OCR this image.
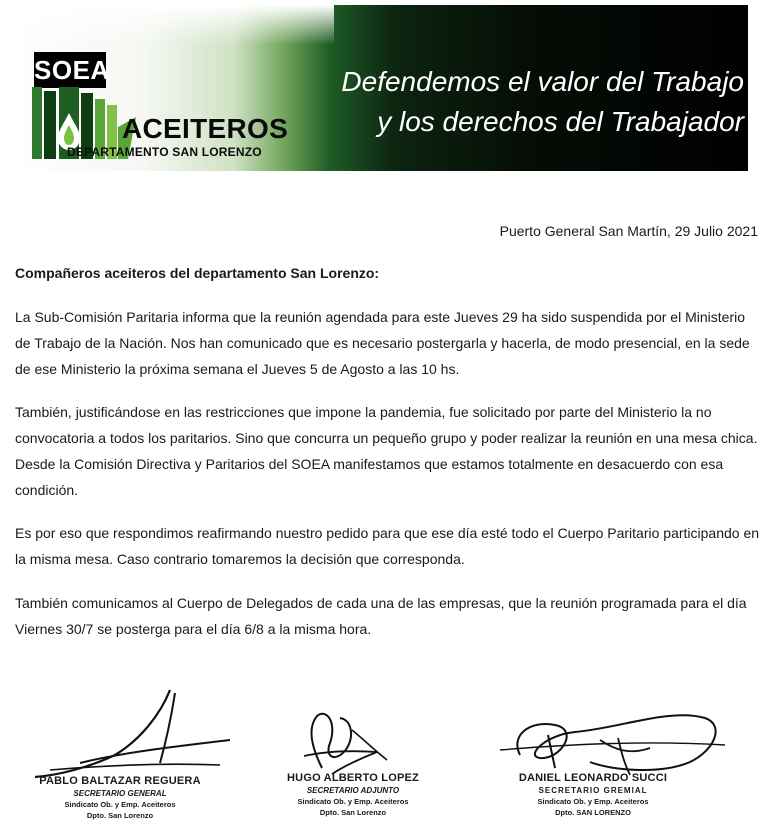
SOEA
ACEITEROS
DEPARTAMENTO SAN LORENZO
Defendemos el valor del Trabajo
y los derechos del Trabajador
Puerto General San Martín, 29 Julio 2021
Compañeros aceiteros del departamento San Lorenzo:
La Sub-Comisión Paritaria informa que la reunión agendada para este Jueves 29 ha sido suspendida por el Ministerio de Trabajo de la Nación. Nos han comunicado que es necesario postergarla y hacerla, de modo presencial, en la sede de ese Ministerio la próxima semana el Jueves 5 de Agosto a las 10 hs.
También, justificándose en las restricciones que impone la pandemia, fue solicitado por parte del Ministerio la no convocatoria a todos los paritarios. Sino que concurra un pequeño grupo y poder realizar la reunión en una mesa chica. Desde la Comisión Directiva y Paritarios del SOEA manifestamos que estamos totalmente en desacuerdo con esa condición.
Es por eso que respondimos reafirmando nuestro pedido para que ese día esté todo el Cuerpo Paritario participando en la misma mesa. Caso contrario tomaremos la decisión que corresponda.
También comunicamos al Cuerpo de Delegados de cada una de las empresas, que la reunión programada para el día Viernes 30/7 se posterga para el día 6/8 a la misma hora.
PABLO BALTAZAR REGUERA
SECRETARIO GENERAL
Sindicato Ob. y Emp. Aceiteros
Dpto. San Lorenzo
HUGO ALBERTO LOPEZ
SECRETARIO ADJUNTO
Sindicato Ob. y Emp. Aceiteros
Dpto. San Lorenzo
DANIEL LEONARDO SUCCI
SECRETARIO GREMIAL
Sindicato Ob. y Emp. Aceiteros
Dpto. SAN LORENZO
